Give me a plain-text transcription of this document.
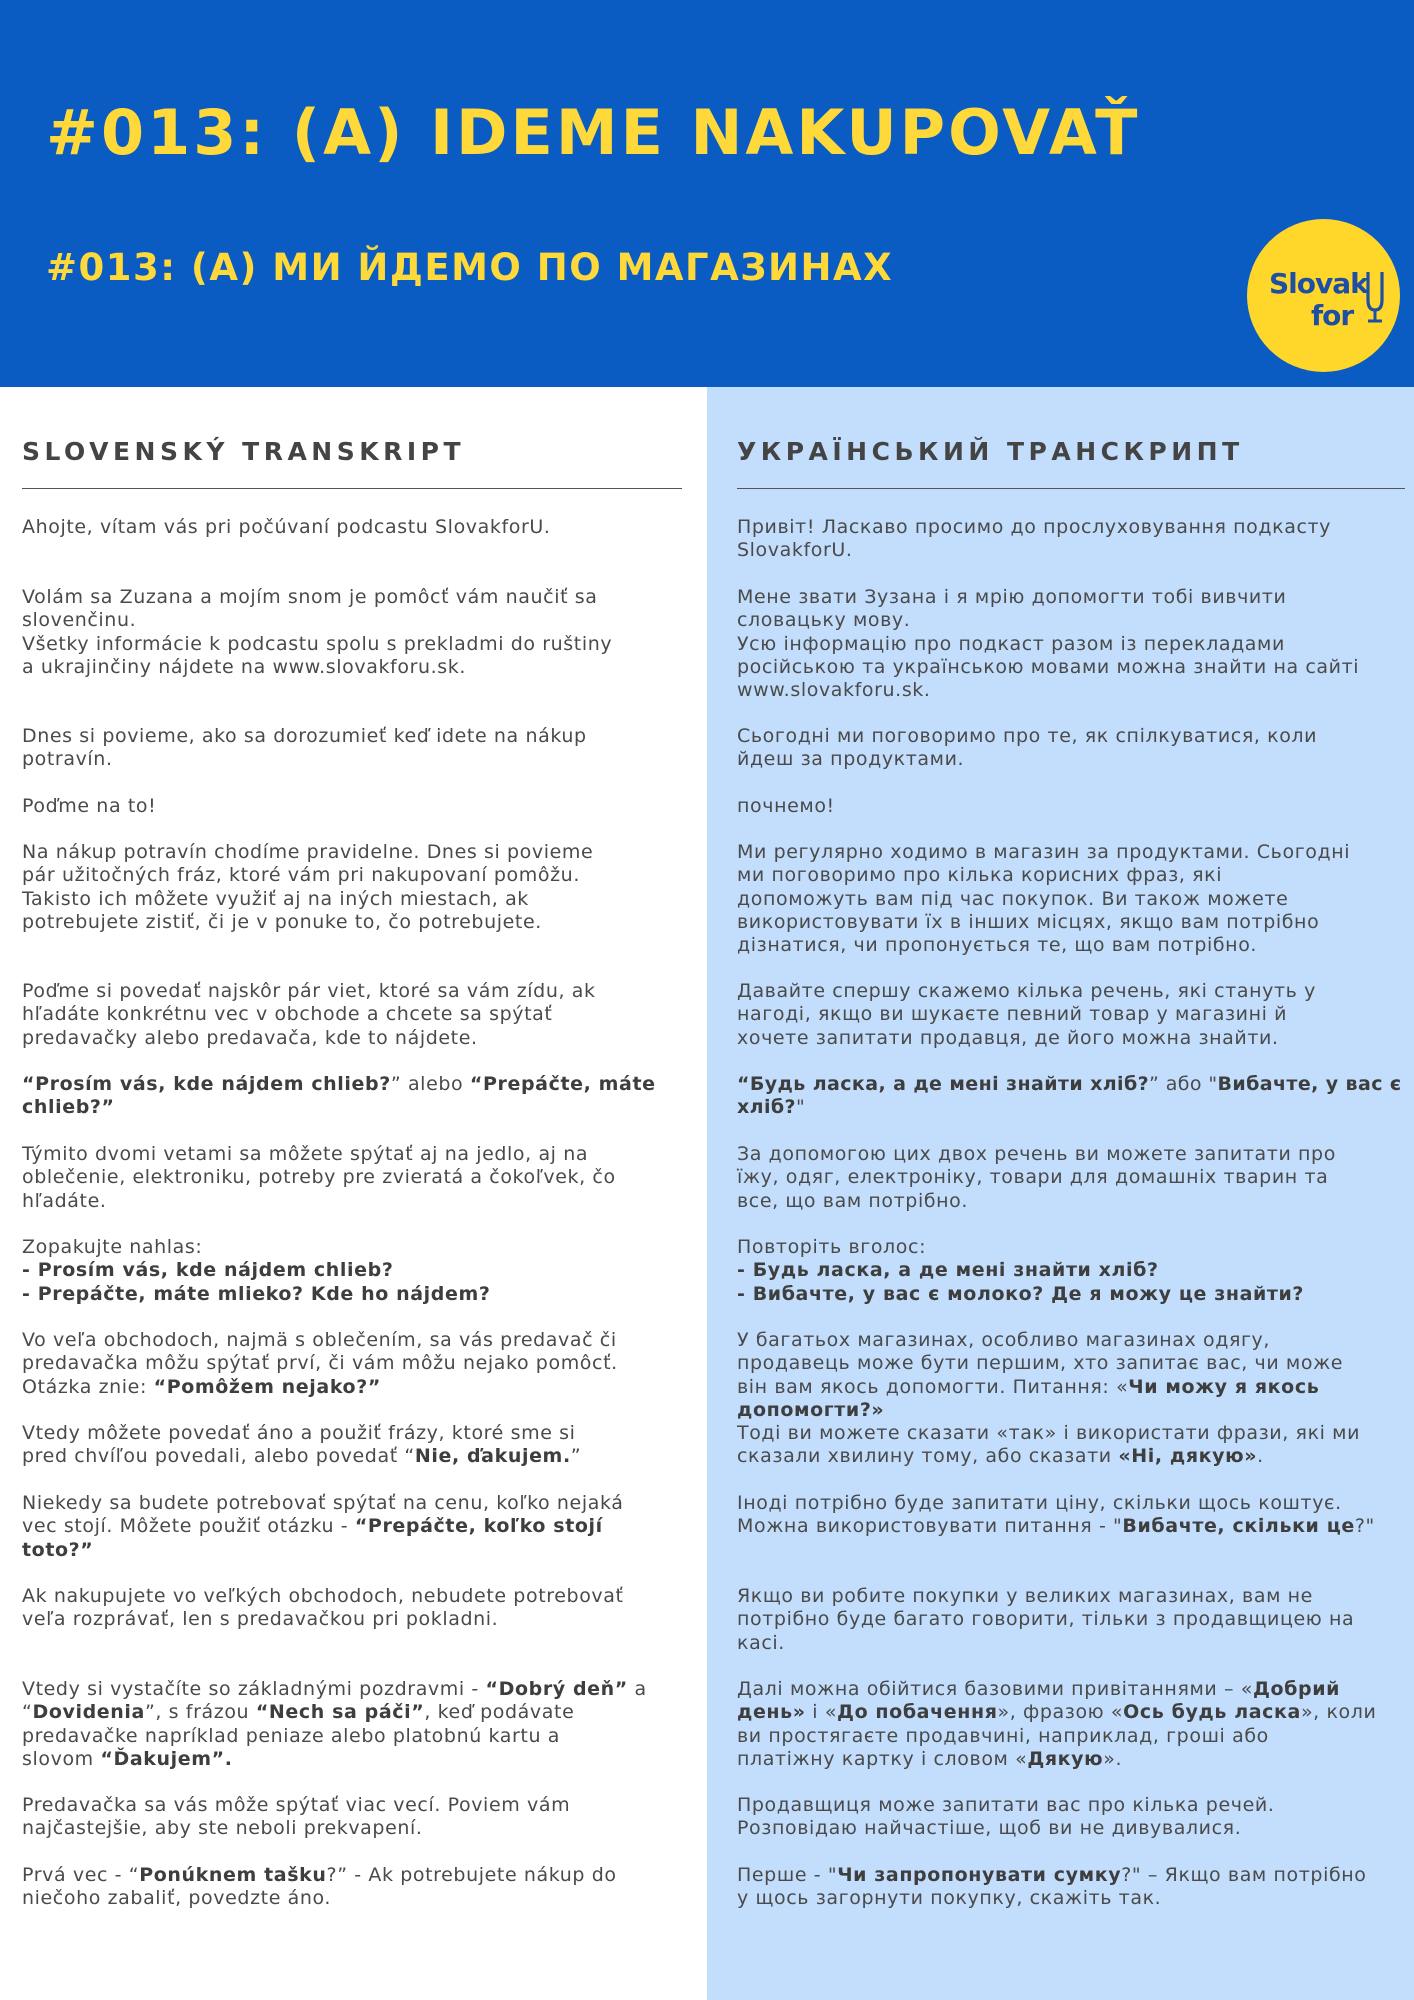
#013: (A) IDEME NAKUPOVAŤ
#013: (A) МИ ЙДЕМО ПО МАГАЗИНАХ	Slovak
for
SLOVENSKÝ TRANSKRIPT

Ahojte, vítam vás pri počúvaní podcastu SlovakforU.

Volám sa Zuzana a mojím snom je pomôcť vám naučiť sa
slovenčinu.
Všetky informácie k podcastu spolu s prekladmi do ruštiny
a ukrajinčiny nájdete na www.slovakforu.sk.

Dnes si povieme, ako sa dorozumieť keď idete na nákup
potravín.

Poďme na to!

Na nákup potravín chodíme pravidelne. Dnes si povieme
pár užitočných fráz, ktoré vám pri nakupovaní pomôžu.
Takisto ich môžete využiť aj na iných miestach, ak
potrebujete zistiť, či je v ponuke to, čo potrebujete.

Poďme si povedať najskôr pár viet, ktoré sa vám zídu, ak
hľadáte konkrétnu vec v obchode a chcete sa spýtať
predavačky alebo predavača, kde to nájdete.

“Prosím vás, kde nájdem chlieb?” alebo “Prepáčte, máte
chlieb?”

Týmito dvomi vetami sa môžete spýtať aj na jedlo, aj na
oblečenie, elektroniku, potreby pre zvieratá a čokoľvek, čo
hľadáte.

Zopakujte nahlas:
- Prosím vás, kde nájdem chlieb?
- Prepáčte, máte mlieko? Kde ho nájdem?

Vo veľa obchodoch, najmä s oblečením, sa vás predavač či
predavačka môžu spýtať prví, či vám môžu nejako pomôcť.
Otázka znie: “Pomôžem nejako?”

Vtedy môžete povedať áno a použiť frázy, ktoré sme si
pred chvíľou povedali, alebo povedať “Nie, ďakujem.”

Niekedy sa budete potrebovať spýtať na cenu, koľko nejaká
vec stojí. Môžete použiť otázku - “Prepáčte, koľko stojí
toto?”

Ak nakupujete vo veľkých obchodoch, nebudete potrebovať
veľa rozprávať, len s predavačkou pri pokladni.

Vtedy si vystačíte so základnými pozdravmi - “Dobrý deň” a
“Dovidenia”, s frázou “Nech sa páči”, keď podávate
predavačke napríklad peniaze alebo platobnú kartu a
slovom “Ďakujem”.

Predavačka sa vás môže spýtať viac vecí. Poviem vám
najčastejšie, aby ste neboli prekvapení.

Prvá vec - “Ponúknem tašku?” - Ak potrebujete nákup do
niečoho zabaliť, povedzte áno.

УКРАЇНСЬКИЙ ТРАНСКРИПТ

Привіт! Ласкаво просимо до прослуховування подкасту
SlovakforU.

Мене звати Зузана і я мрію допомогти тобі вивчити
словацьку мову.
Усю інформацію про подкаст разом із перекладами
російською та українською мовами можна знайти на сайті
www.slovakforu.sk.

Сьогодні ми поговоримо про те, як спілкуватися, коли
йдеш за продуктами.

почнемо!

Ми регулярно ходимо в магазин за продуктами. Сьогодні
ми поговоримо про кілька корисних фраз, які
допоможуть вам під час покупок. Ви також можете
використовувати їх в інших місцях, якщо вам потрібно
дізнатися, чи пропонується те, що вам потрібно.

Давайте спершу скажемо кілька речень, які стануть у
нагоді, якщо ви шукаєте певний товар у магазині й
хочете запитати продавця, де його можна знайти.

“Будь ласка, а де мені знайти хліб?” або "Вибачте, у вас є
хліб?"

За допомогою цих двох речень ви можете запитати про
їжу, одяг, електроніку, товари для домашніх тварин та
все, що вам потрібно.

Повторіть вголос:
- Будь ласка, а де мені знайти хліб?
- Вибачте, у вас є молоко? Де я можу це знайти?

У багатьох магазинах, особливо магазинах одягу,
продавець може бути першим, хто запитає вас, чи може
він вам якось допомогти. Питання: «Чи можу я якось
допомогти?»
Тоді ви можете сказати «так» і використати фрази, які ми
сказали хвилину тому, або сказати «Ні, дякую».

Іноді потрібно буде запитати ціну, скільки щось коштує.
Можна використовувати питання - "Вибачте, скільки це?"

Якщо ви робите покупки у великих магазинах, вам не
потрібно буде багато говорити, тільки з продавщицею на
касі.

Далі можна обійтися базовими привітаннями – «Добрий
день» і «До побачення», фразою «Ось будь ласка», коли
ви простягаєте продавчині, наприклад, гроші або
платіжну картку і словом «Дякую».

Продавщиця може запитати вас про кілька речей.
Розповідаю найчастіше, щоб ви не дивувалися.

Перше - "Чи запропонувати сумку?" – Якщо вам потрібно
у щось загорнути покупку, скажіть так.
